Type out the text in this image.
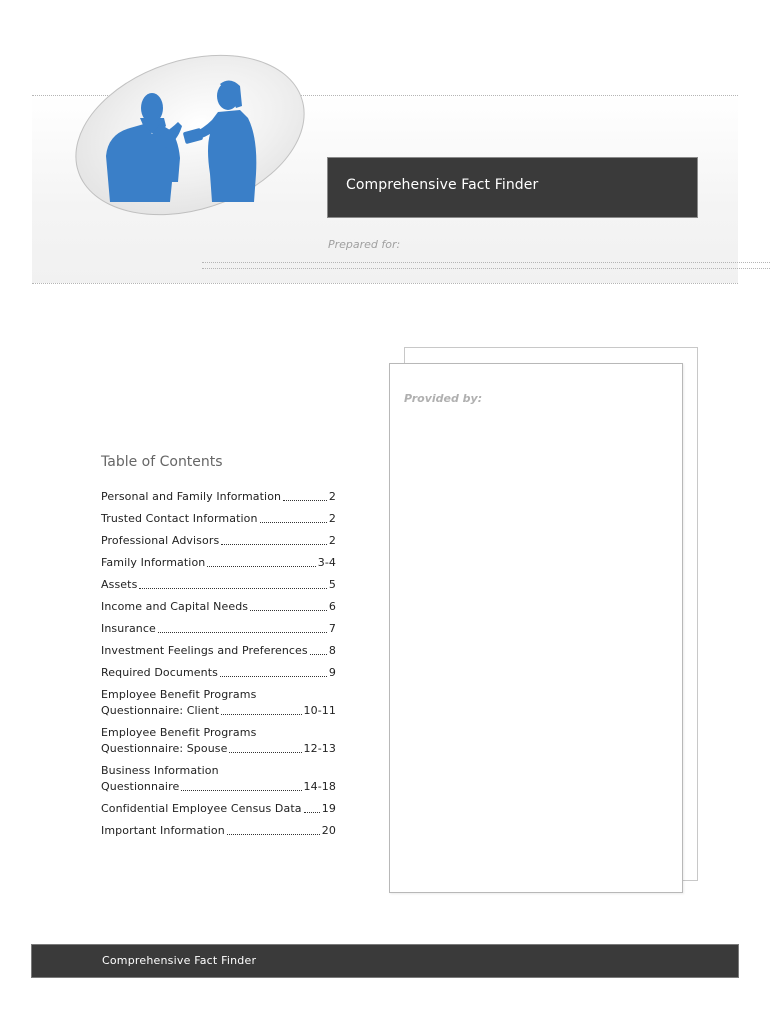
Comprehensive Fact Finder
Prepared for:
Provided by:
Table of Contents
Personal and Family Information	2
Trusted Contact Information	2
Professional Advisors	2
Family Information	3-4
Assets	5
Income and Capital Needs	6
Insurance	7
Investment Feelings and Preferences 8
Required Documents	9
Employee Benefit Programs
Questionnaire: Client	10-11
Employee Benefit Programs
Questionnaire: Spouse	12-13
Business Information
Questionnaire	14-18
Confidential Employee Census Data 19
Important Information	20
Comprehensive Fact Finder
